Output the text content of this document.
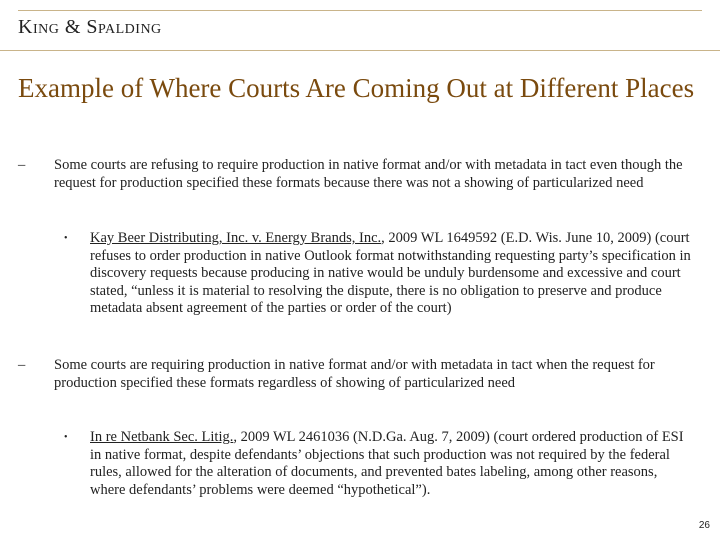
King & Spalding
Example of Where Courts Are Coming Out at Different Places
– Some courts are refusing to require production in native format and/or with metadata in tact even though the request for production specified these formats because there was not a showing of particularized need
• Kay Beer Distributing, Inc. v. Energy Brands, Inc., 2009 WL 1649592 (E.D. Wis. June 10, 2009) (court refuses to order production in native Outlook format notwithstanding requesting party’s specification in discovery requests because producing in native would be unduly burdensome and excessive and court stated, “unless it is material to resolving the dispute, there is no obligation to preserve and produce metadata absent agreement of the parties or order of the court)
– Some courts are requiring production in native format and/or with metadata in tact when the request for production specified these formats regardless of showing of particularized need
• In re Netbank Sec. Litig., 2009 WL 2461036 (N.D.Ga. Aug. 7, 2009) (court ordered production of ESI in native format, despite defendants’ objections that such production was not required by the federal rules, allowed for the alteration of documents, and prevented bates labeling, among other reasons, where defendants’ problems were deemed “hypothetical”).
26
